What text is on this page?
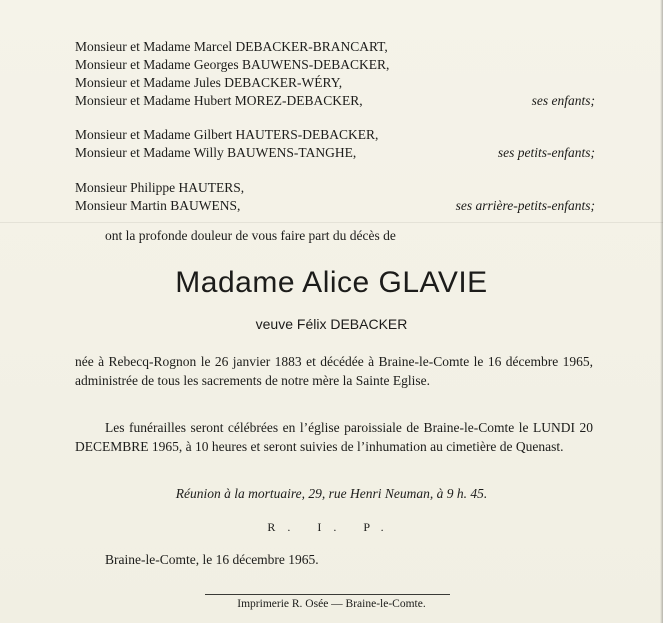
Monsieur et Madame Marcel DEBACKER-BRANCART,
Monsieur et Madame Georges BAUWENS-DEBACKER,
Monsieur et Madame Jules DEBACKER-WÉRY,
Monsieur et Madame Hubert MOREZ-DEBACKER,	ses enfants;
Monsieur et Madame Gilbert HAUTERS-DEBACKER,
Monsieur et Madame Willy BAUWENS-TANGHE,	ses petits-enfants;
Monsieur Philippe HAUTERS,
Monsieur Martin BAUWENS,	ses arrière-petits-enfants;
ont la profonde douleur de vous faire part du décès de
Madame Alice GLAVIE
veuve Félix DEBACKER
née à Rebecq-Rognon le 26 janvier 1883 et décédée à Braine-le-Comte le 16 décembre 1965, administrée de tous les sacrements de notre mère la Sainte Eglise.
Les funérailles seront célébrées en l’église paroissiale de Braine-le-Comte le LUNDI 20 DECEMBRE 1965, à 10 heures et seront suivies de l’inhumation au cimetière de Quenast.
Réunion à la mortuaire, 29, rue Henri Neuman, à 9 h. 45.
R. I. P.
Braine-le-Comte, le 16 décembre 1965.
Imprimerie R. Osée — Braine-le-Comte.
